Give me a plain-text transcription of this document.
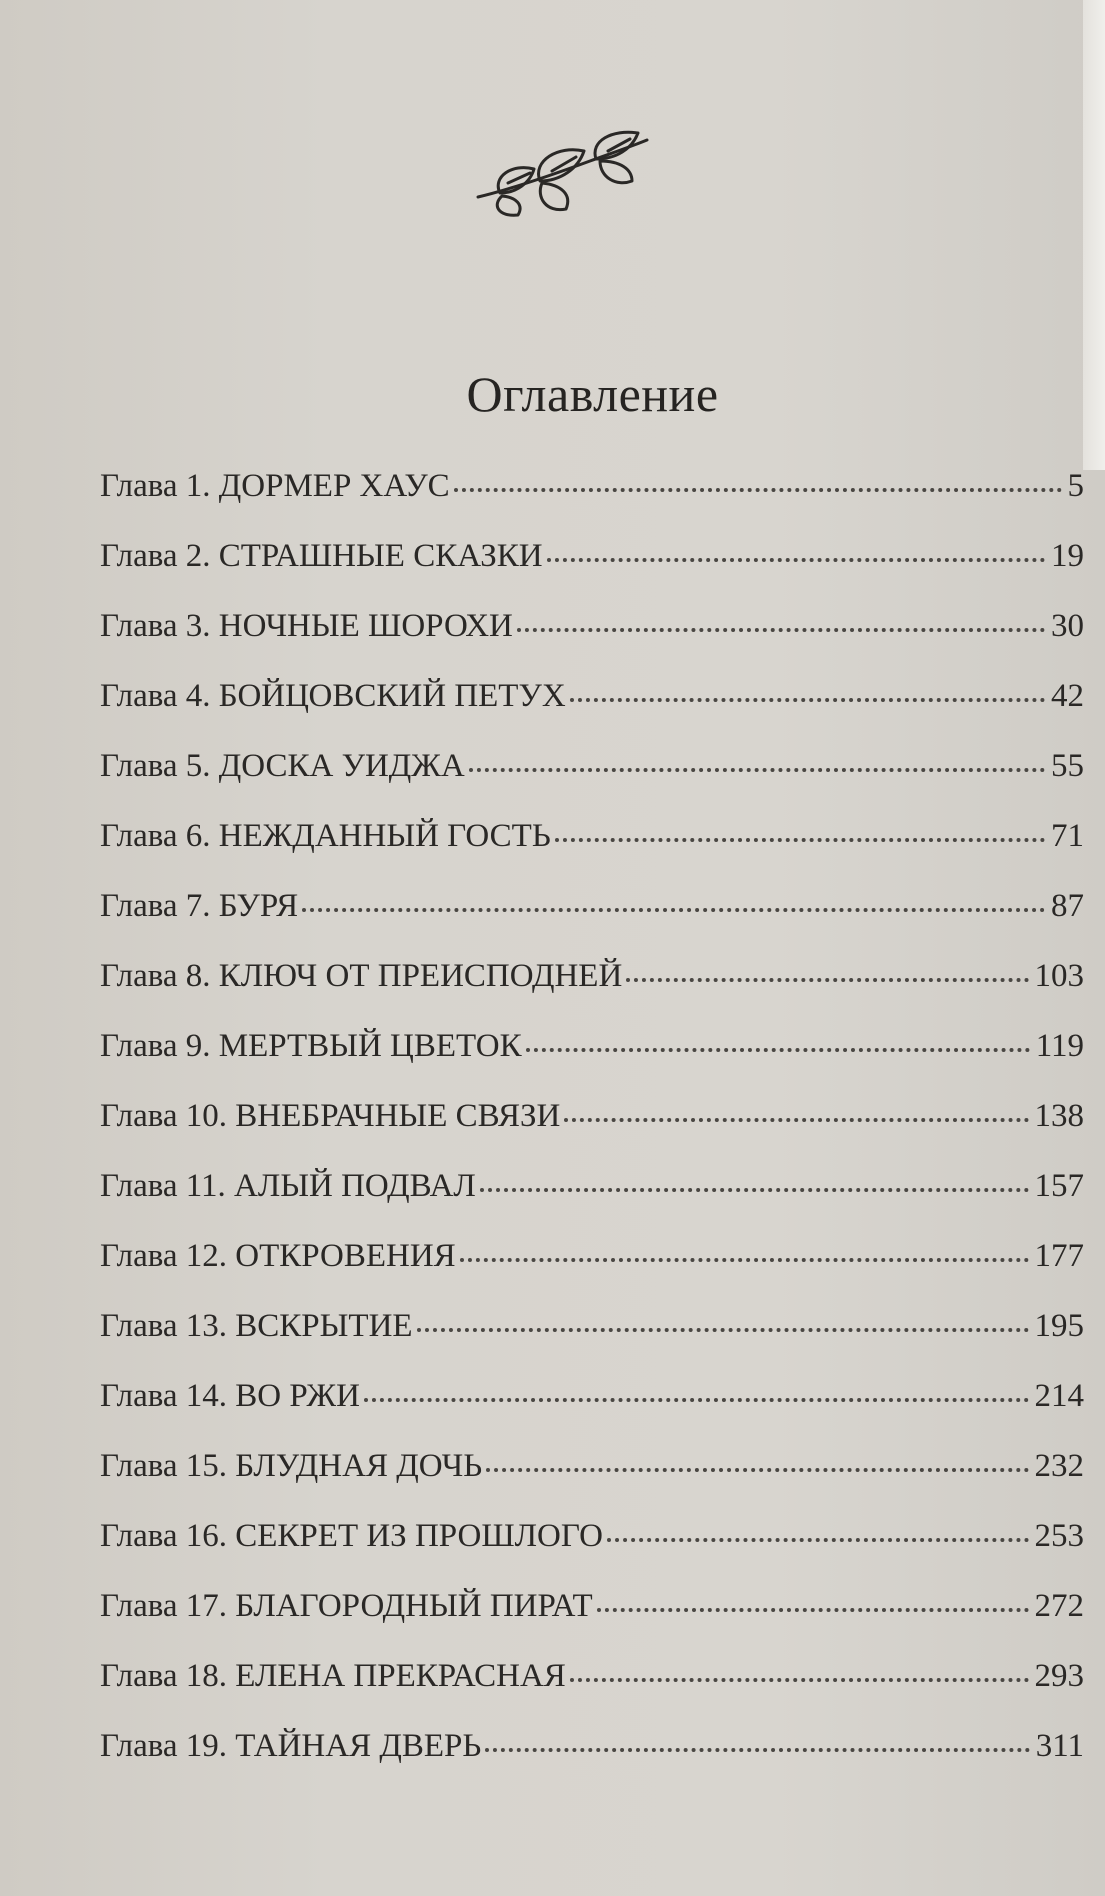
Оглавление
Глава 1. ДОРМЕР ХАУС	5
Глава 2. СТРАШНЫЕ СКАЗКИ	19
Глава 3. НОЧНЫЕ ШОРОХИ	30
Глава 4. БОЙЦОВСКИЙ ПЕТУХ	42
Глава 5. ДОСКА УИДЖА	55
Глава 6. НЕЖДАННЫЙ ГОСТЬ	71
Глава 7. БУРЯ	87
Глава 8. КЛЮЧ ОТ ПРЕИСПОДНЕЙ	103
Глава 9. МЕРТВЫЙ ЦВЕТОК	119
Глава 10. ВНЕБРАЧНЫЕ СВЯЗИ	138
Глава 11. АЛЫЙ ПОДВАЛ	157
Глава 12. ОТКРОВЕНИЯ	177
Глава 13. ВСКРЫТИЕ	195
Глава 14. ВО РЖИ	214
Глава 15. БЛУДНАЯ ДОЧЬ	232
Глава 16. СЕКРЕТ ИЗ ПРОШЛОГО	253
Глава 17. БЛАГОРОДНЫЙ ПИРАТ	272
Глава 18. ЕЛЕНА ПРЕКРАСНАЯ	293
Глава 19. ТАЙНАЯ ДВЕРЬ	311
